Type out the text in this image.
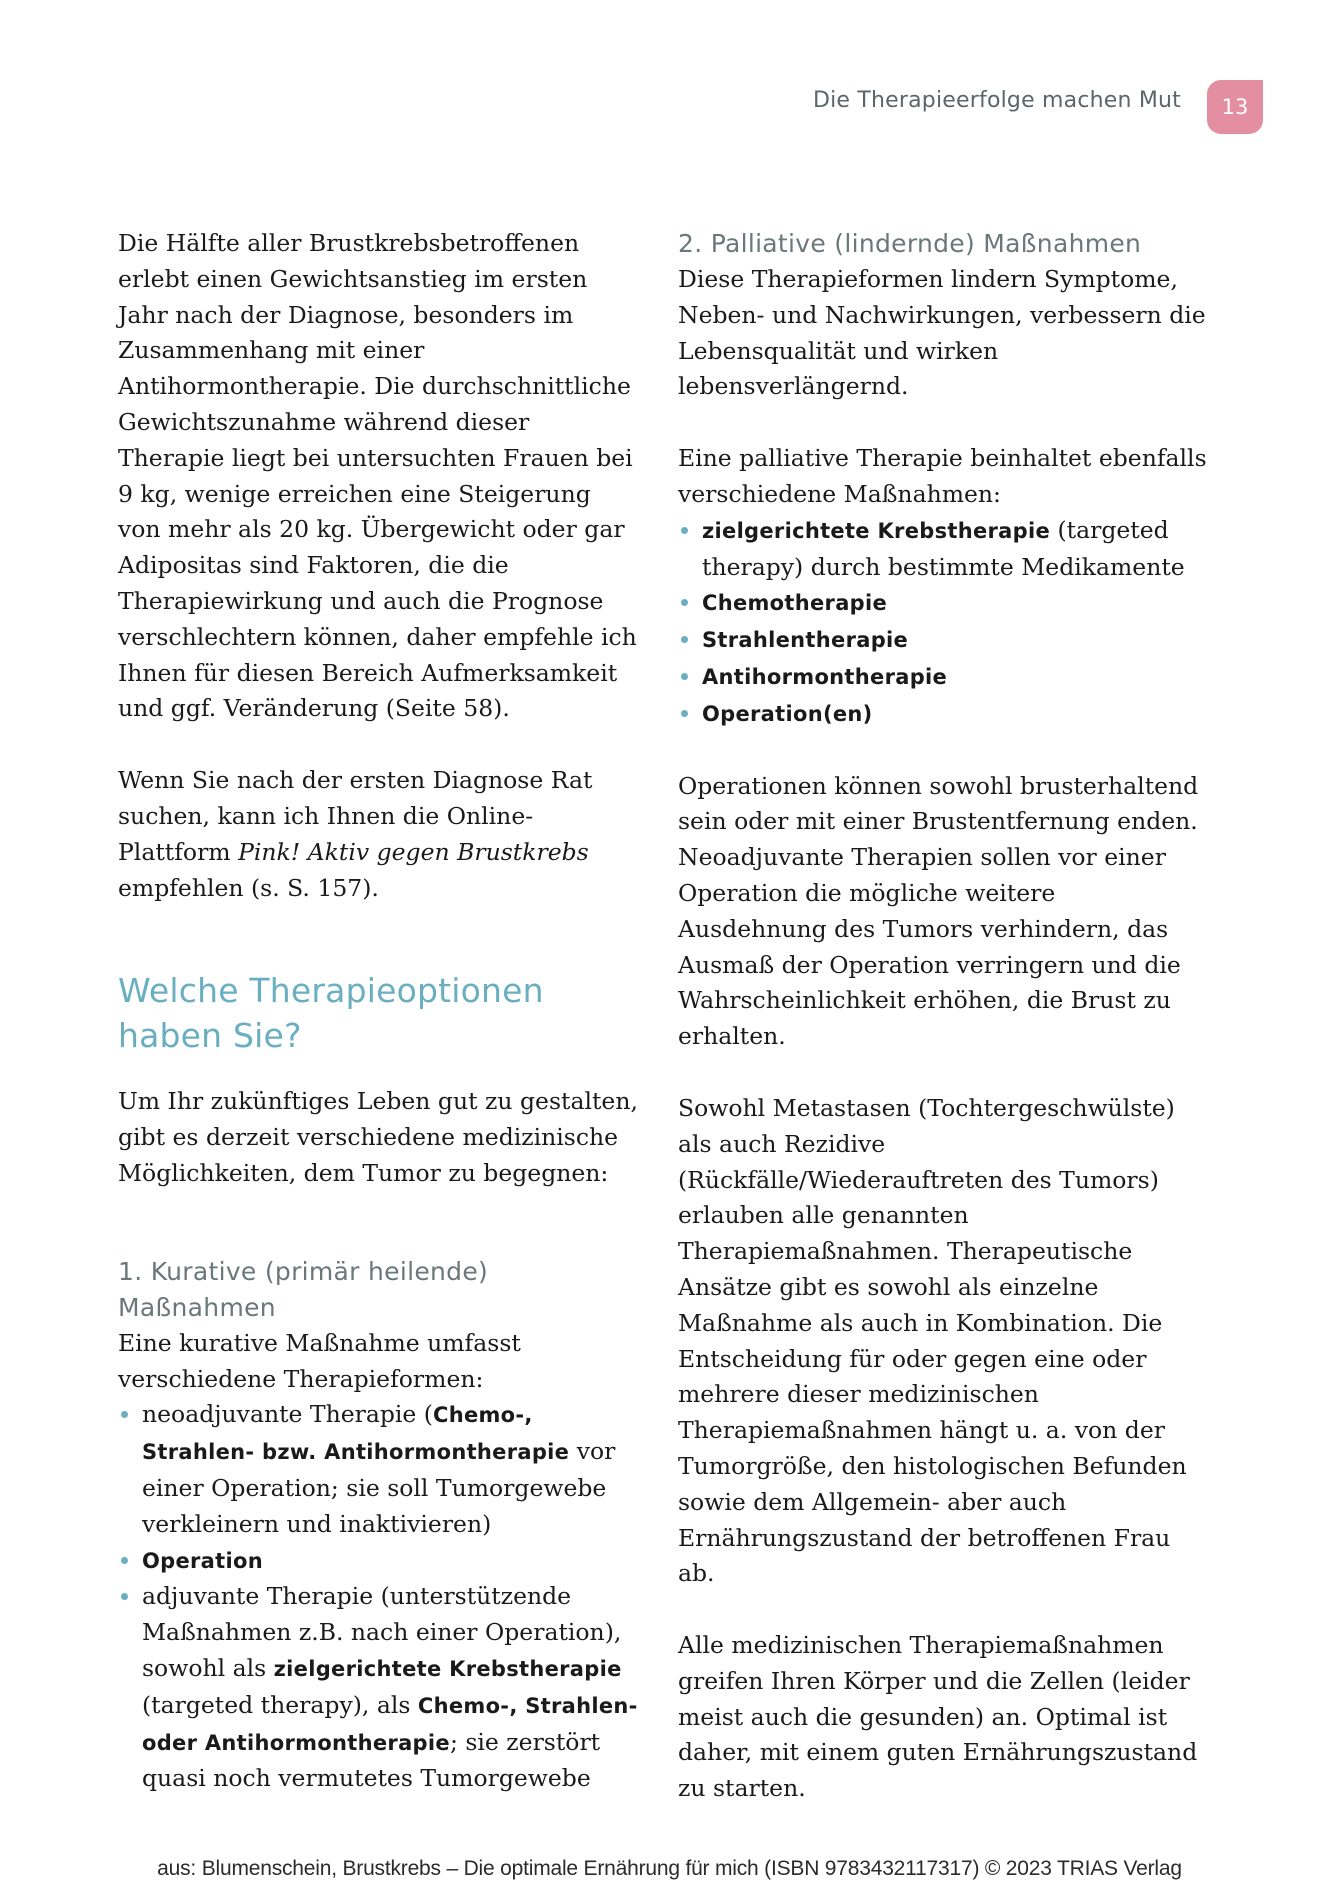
Die Therapieerfolge machen Mut	13

Die Hälfte aller Brustkrebsbetroffenen erlebt einen Gewichtsanstieg im ersten Jahr nach der Diagnose, besonders im Zusammenhang mit einer Antihormontherapie. Die durchschnittliche Gewichtszunahme während dieser Therapie liegt bei untersuchten Frauen bei 9 kg, wenige erreichen eine Steigerung von mehr als 20 kg. Übergewicht oder gar Adipositas sind Faktoren, die die Therapiewirkung und auch die Prognose verschlechtern können, daher empfehle ich Ihnen für diesen Bereich Aufmerksamkeit und ggf. Veränderung (Seite 58).

Wenn Sie nach der ersten Diagnose Rat suchen, kann ich Ihnen die Online-Plattform Pink! Aktiv gegen Brustkrebs empfehlen (s. S. 157).

Welche Therapieoptionen haben Sie?

Um Ihr zukünftiges Leben gut zu gestalten, gibt es derzeit verschiedene medizinische Möglichkeiten, dem Tumor zu begegnen:

1. Kurative (primär heilende) Maßnahmen

Eine kurative Maßnahme umfasst verschiedene Therapieformen:

neoadjuvante Therapie (Chemo-, Strahlen- bzw. Antihormontherapie vor einer Operation; sie soll Tumorgewebe verkleinern und inaktivieren)
Operation
adjuvante Therapie (unterstützende Maßnahmen z.B. nach einer Operation), sowohl als zielgerichtete Krebstherapie (targeted therapy), als Chemo-, Strahlen- oder Antihormontherapie; sie zerstört quasi noch vermutetes Tumorgewebe
2. Palliative (lindernde) Maßnahmen

Diese Therapieformen lindern Symptome, Neben- und Nachwirkungen, verbessern die Lebensqualität und wirken lebensverlängernd.

Eine palliative Therapie beinhaltet ebenfalls verschiedene Maßnahmen:

zielgerichtete Krebstherapie (targeted therapy) durch bestimmte Medikamente
Chemotherapie
Strahlentherapie
Antihormontherapie
Operation(en)

Operationen können sowohl brusterhaltend sein oder mit einer Brustentfernung enden. Neoadjuvante Therapien sollen vor einer Operation die mögliche weitere Ausdehnung des Tumors verhindern, das Ausmaß der Operation verringern und die Wahrscheinlichkeit erhöhen, die Brust zu erhalten.

Sowohl Metastasen (Tochtergeschwülste) als auch Rezidive (Rückfälle/Wiederauftreten des Tumors) erlauben alle genannten Therapiemaßnahmen. Therapeutische Ansätze gibt es sowohl als einzelne Maßnahme als auch in Kombination. Die Entscheidung für oder gegen eine oder mehrere dieser medizinischen Therapiemaßnahmen hängt u. a. von der Tumorgröße, den histologischen Befunden sowie dem Allgemein- aber auch Ernährungszustand der betroffenen Frau ab.

Alle medizinischen Therapiemaßnahmen greifen Ihren Körper und die Zellen (leider meist auch die gesunden) an. Optimal ist daher, mit einem guten Ernährungszustand zu starten.

aus: Blumenschein, Brustkrebs – Die optimale Ernährung für mich (ISBN 9783432117317) © 2023 TRIAS Verlag
